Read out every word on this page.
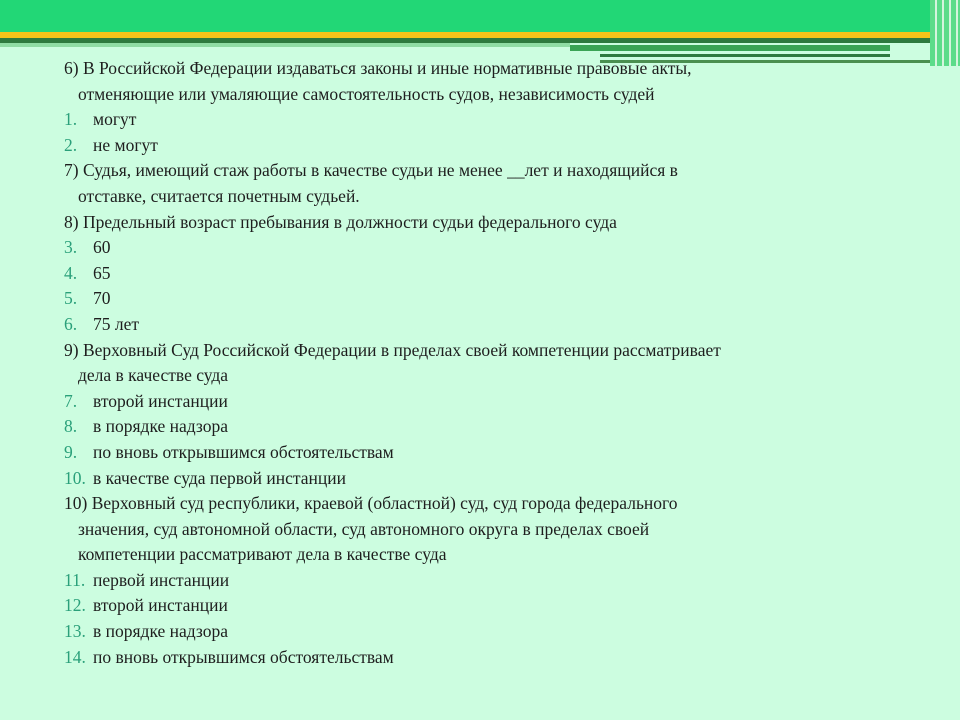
6) В Российской Федерации издаваться законы и иные нормативные правовые акты,
отменяющие или умаляющие самостоятельность судов, независимость судей

1. могут
2. не могут

7) Судья, имеющий стаж работы в качестве судьи не менее __лет и находящийся в
отставке, считается почетным судьей.

8) Предельный возраст пребывания в должности судьи федерального суда

3. 60
4. 65
5. 70
6. 75 лет

9) Верховный Суд Российской Федерации в пределах своей компетенции рассматривает
дела в качестве суда

7. второй инстанции
8. в порядке надзора
9. по вновь открывшимся обстоятельствам
10. в качестве суда первой инстанции

10) Верховный суд республики, краевой (областной) суд, суд города федерального
значения, суд автономной области, суд автономного округа в пределах своей
компетенции рассматривают дела в качестве суда

11. первой инстанции
12. второй инстанции
13. в порядке надзора
14. по вновь открывшимся обстоятельствам
